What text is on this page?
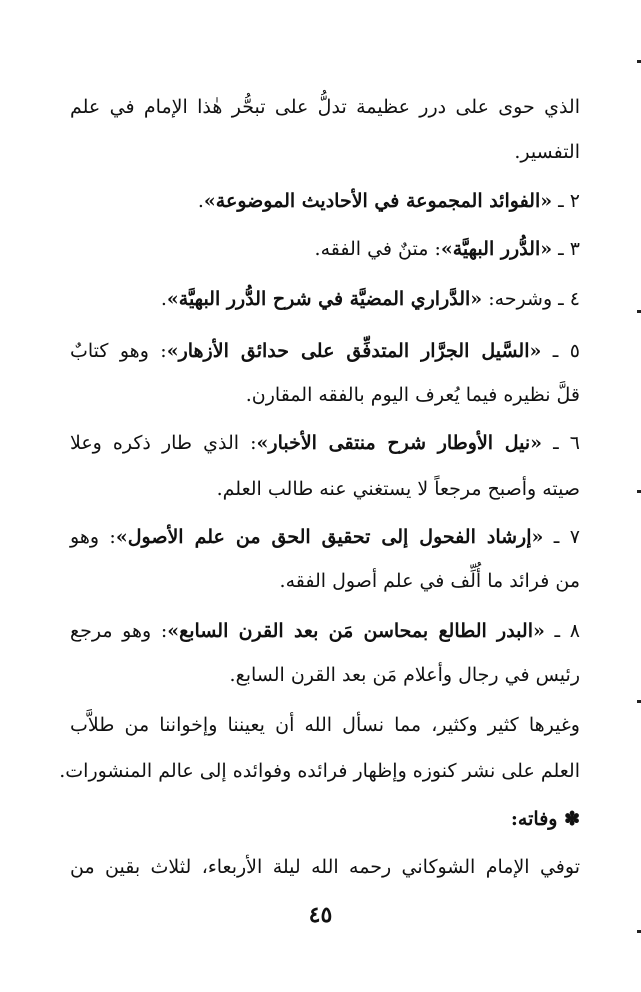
الذي حوى على درر عظيمة تدلُّ على تبحُّر هٰذا الإمام في علم
التفسير.
٢ ـ «الفوائد المجموعة في الأحاديث الموضوعة».
٣ ـ «الدُّرر البهيَّة»: متنٌ في الفقه.
٤ ـ وشرحه: «الدَّراري المضيَّة في شرح الدُّرر البهيَّة».
٥ ـ «السَّيل الجرَّار المتدفِّق على حدائق الأزهار»: وهو كتابٌ
قلَّ نظيره فيما يُعرف اليوم بالفقه المقارن.
٦ ـ «نيل الأوطار شرح منتقى الأخبار»: الذي طار ذكره وعلا
صيته وأصبح مرجعاً لا يستغني عنه طالب العلم.
٧ ـ «إرشاد الفحول إلى تحقيق الحق من علم الأصول»: وهو
من فرائد ما أُلِّف في علم أصول الفقه.
٨ ـ «البدر الطالع بمحاسن مَن بعد القرن السابع»: وهو مرجع
رئيس في رجال وأعلام مَن بعد القرن السابع.
وغيرها كثير وكثير، مما نسأل الله أن يعيننا وإخواننا من طلاَّب
العلم على نشر كنوزه وإظهار فرائده وفوائده إلى عالم المنشورات.
✽ وفاته:
توفي الإمام الشوكاني رحمه الله ليلة الأربعاء، لثلاث بقين من
٤٥
